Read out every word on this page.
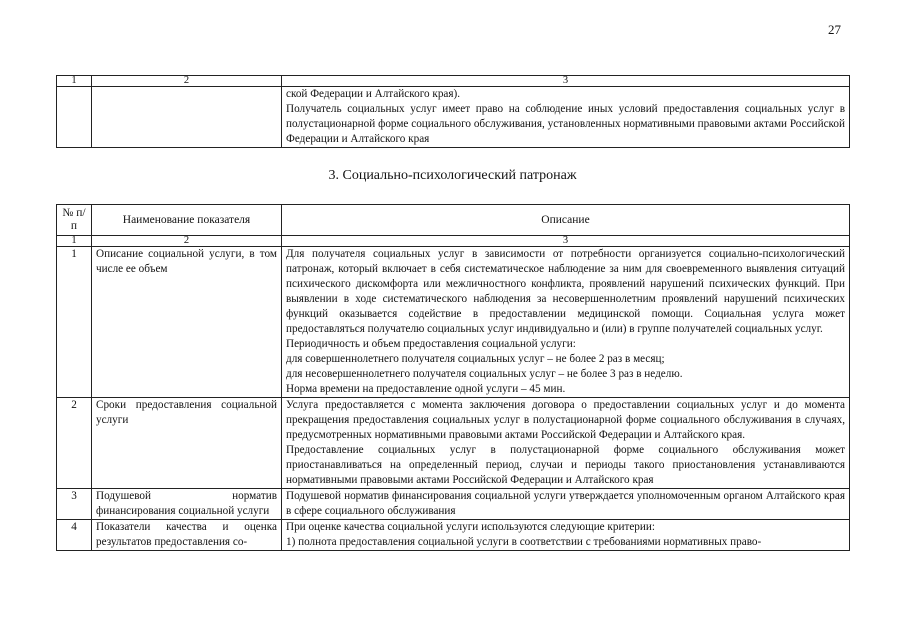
27
1	2	3

		ской Федерации и Алтайского края).
Получатель социальных услуг имеет право на соблюдение иных условий предоставления социальных услуг в полустационарной форме социального обслуживания, установленных нормативными правовыми актами Российской Федерации и Алтайского края
3. Социально-психологический патронаж
№ п/п	Наименование показателя	Описание
1	2	3
1	Описание социальной услуги, в том числе ее объем	Для получателя социальных услуг в зависимости от потребности организуется социально-психологический патронаж, который включает в себя систематическое наблюдение за ним для своевременного выявления ситуаций психического дискомфорта или межличностного конфликта, проявлений нарушений психических функций. При выявлении в ходе систематического наблюдения за несовершеннолетним проявлений нарушений психических функций оказывается содействие в предоставлении медицинской помощи. Социальная услуга может предоставляться получателю социальных услуг индивидуально и (или) в группе получателей социальных услуг.
Периодичность и объем предоставления социальной услуги:
для совершеннолетнего получателя социальных услуг – не более 2 раз в месяц;
для несовершеннолетнего получателя социальных услуг – не более 3 раз в неделю.
Норма времени на предоставление одной услуги – 45 мин.

2	Сроки предоставления социальной услуги	Услуга предоставляется с момента заключения договора о предоставлении социальных услуг и до момента прекращения предоставления социальных услуг в полустационарной форме социального обслуживания в случаях, предусмотренных нормативными правовыми актами Российской Федерации и Алтайского края.
Предоставление социальных услуг в полустационарной форме социального обслуживания может приостанавливаться на определенный период, случаи и периоды такого приостановления устанавливаются нормативными правовыми актами Российской Федерации и Алтайского края

3	Подушевой норматив финансирования социальной услуги	Подушевой норматив финансирования социальной услуги утверждается уполномоченным органом Алтайского края в сфере социального обслуживания

4	Показатели качества и оценка результатов предоставления со-	При оценке качества социальной услуги используются следующие критерии:
1) полнота предоставления социальной услуги в соответствии с требованиями нормативных право-
